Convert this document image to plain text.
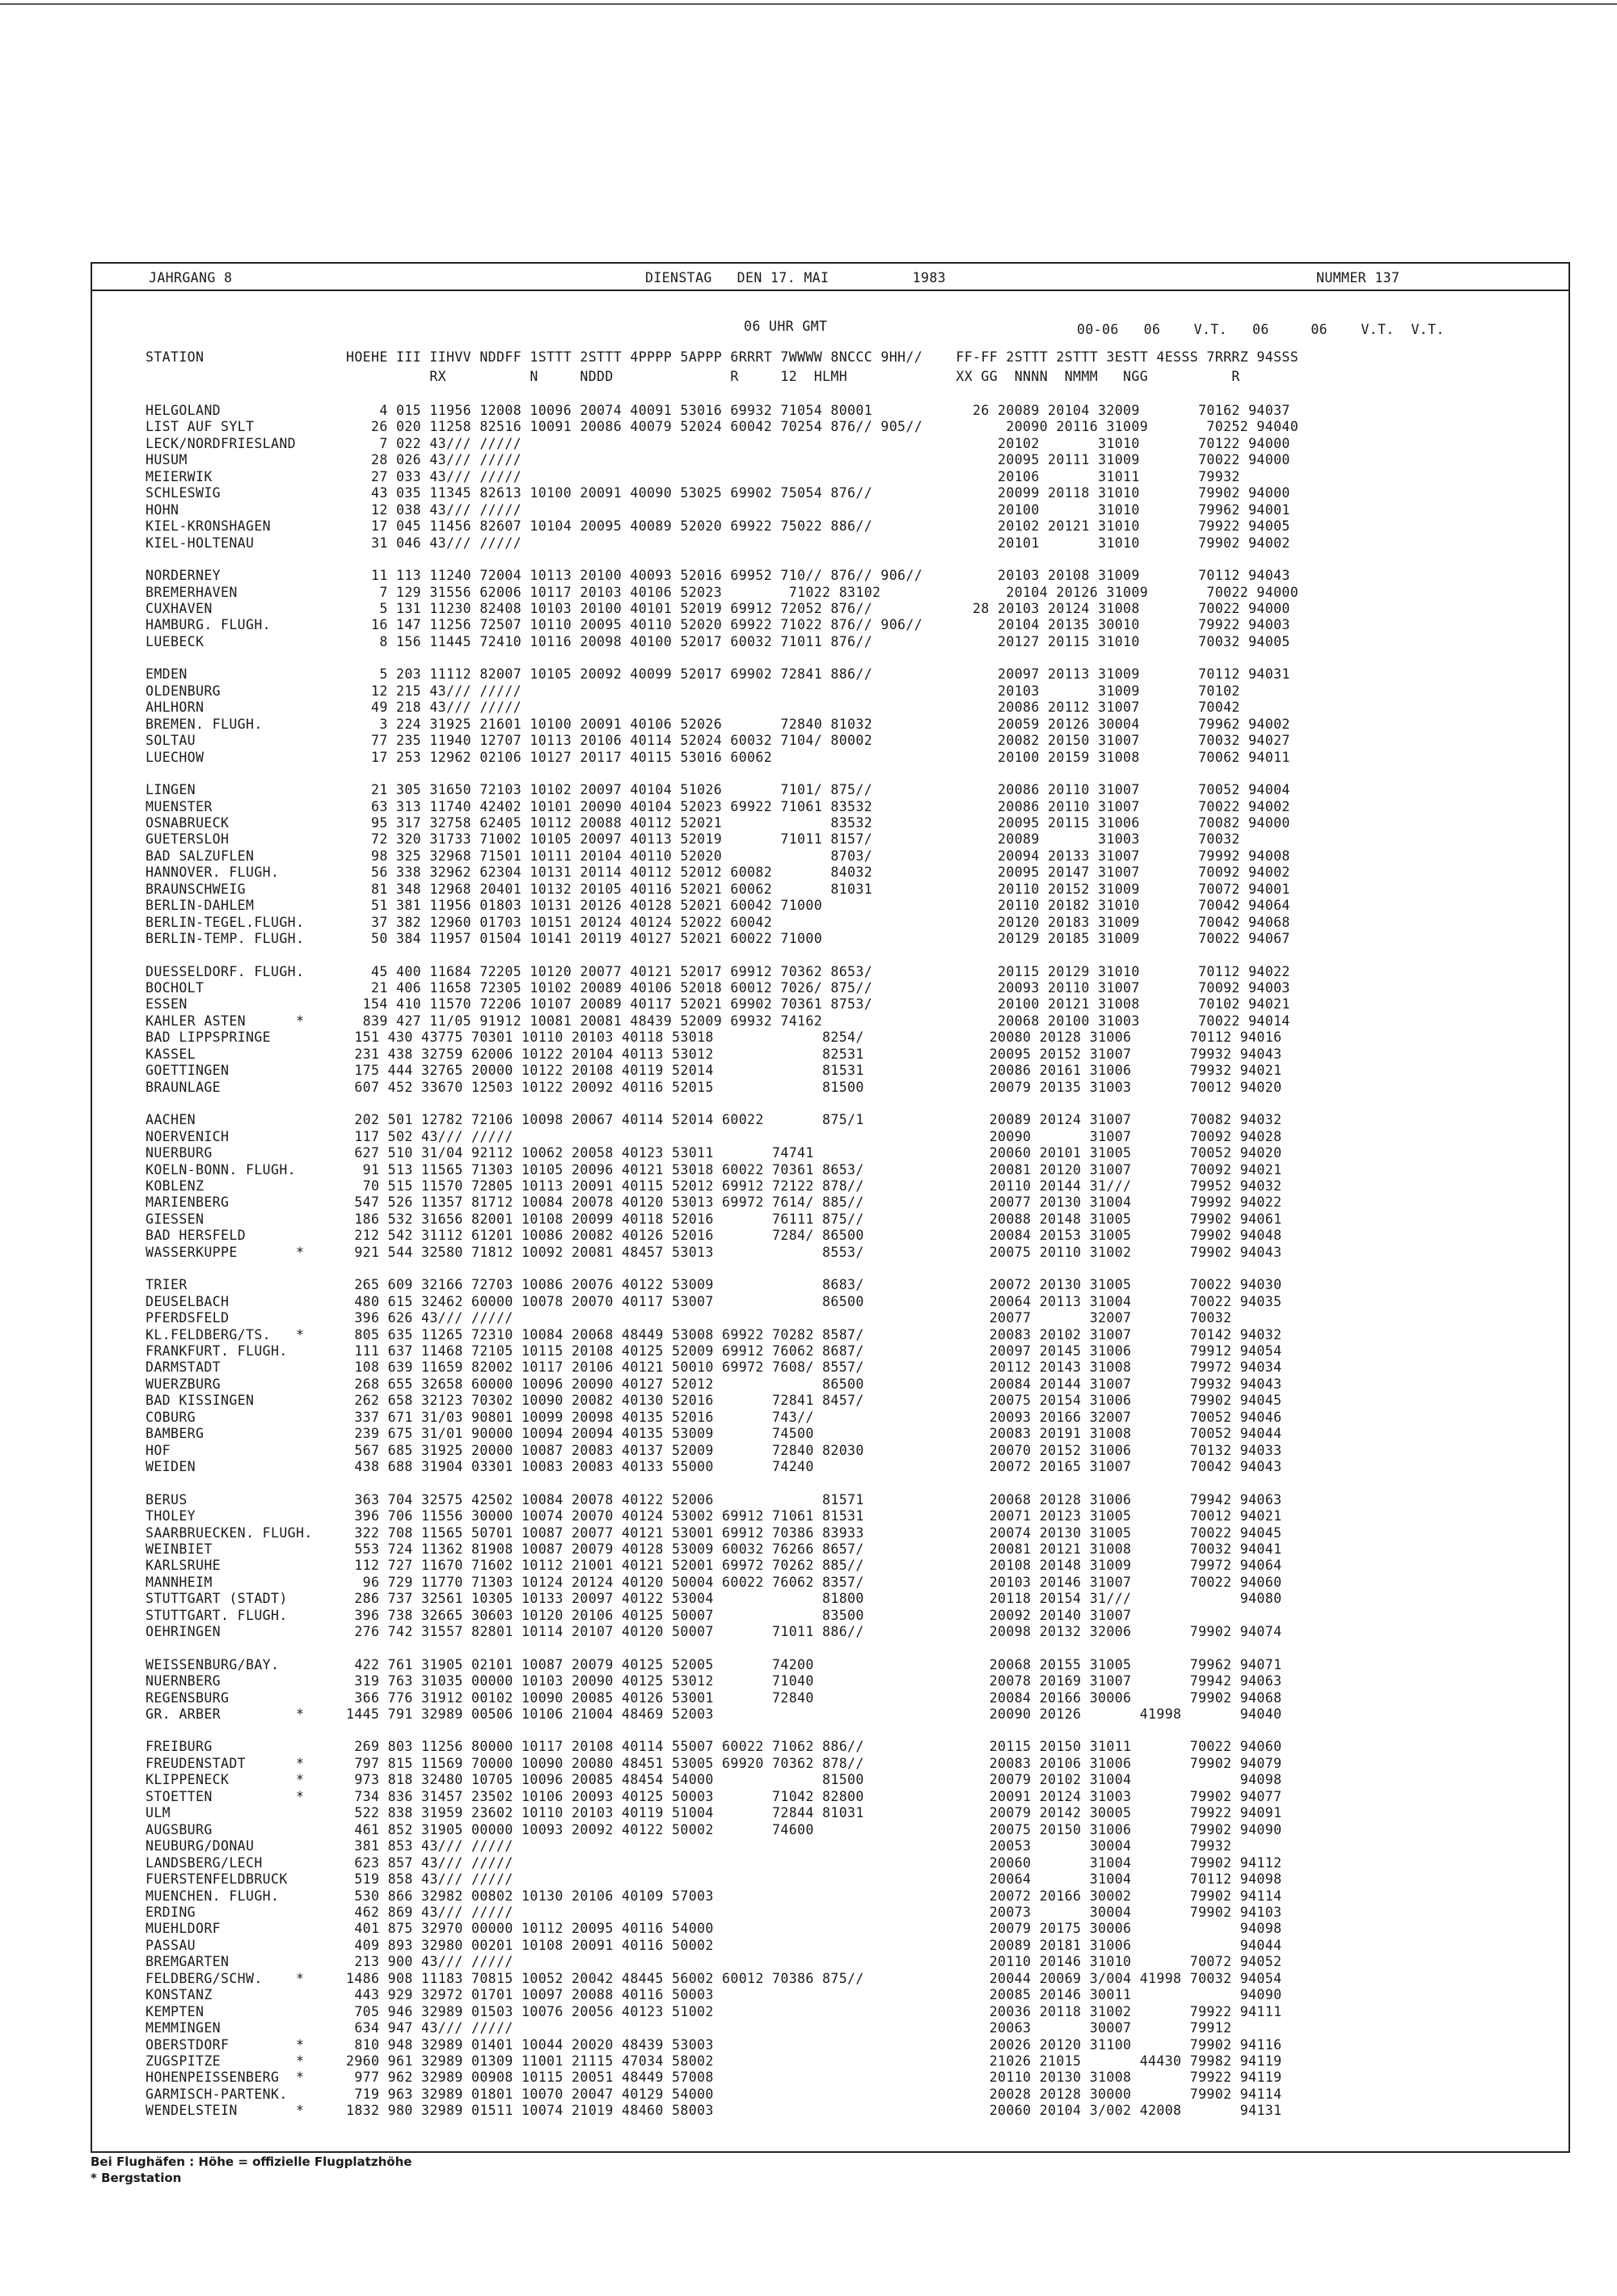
JAHRGANG 8	DIENSTAG   DEN 17. MAI          1983	NUMMER 137
06 UHR GMT	00-06   06    V.T.   06     06    V.T.  V.T.
STATION                 HOEHE III IIHVV NDDFF 1STTT 2STTT 4PPPP 5APPP 6RRRT 7WWWW 8NCCC 9HH//    FF-FF 2STTT 2STTT 3ESTT 4ESSS 7RRRZ 94SSS
RX          N     NDDD              R     12  HLMH             XX GG  NNNN  NMMM   NGG          R
HELGOLAND                   4 015 11956 12008 10096 20074 40091 53016 69932 71054 80001            26 20089 20104 32009       70162 94037
LIST AUF SYLT              26 020 11258 82516 10091 20086 40079 52024 60042 70254 876// 905//          20090 20116 31009       70252 94040
LECK/NORDFRIESLAND          7 022 43/// /////                                                         20102       31010       70122 94000
HUSUM                      28 026 43/// /////                                                         20095 20111 31009       70022 94000
MEIERWIK                   27 033 43/// /////                                                         20106       31011       79932
SCHLESWIG                  43 035 11345 82613 10100 20091 40090 53025 69902 75054 876//               20099 20118 31010       79902 94000
HOHN                       12 038 43/// /////                                                         20100       31010       79962 94001
KIEL-KRONSHAGEN            17 045 11456 82607 10104 20095 40089 52020 69922 75022 886//               20102 20121 31010       79922 94005
KIEL-HOLTENAU              31 046 43/// /////                                                         20101       31010       79902 94002
NORDERNEY                  11 113 11240 72004 10113 20100 40093 52016 69952 710// 876// 906//         20103 20108 31009       70112 94043
BREMERHAVEN                 7 129 31556 62006 10117 20103 40106 52023        71022 83102               20104 20126 31009       70022 94000
CUXHAVEN                    5 131 11230 82408 10103 20100 40101 52019 69912 72052 876//            28 20103 20124 31008       70022 94000
HAMBURG. FLUGH.            16 147 11256 72507 10110 20095 40110 52020 69922 71022 876// 906//         20104 20135 30010       79922 94003
LUEBECK                     8 156 11445 72410 10116 20098 40100 52017 60032 71011 876//               20127 20115 31010       70032 94005
EMDEN                       5 203 11112 82007 10105 20092 40099 52017 69902 72841 886//               20097 20113 31009       70112 94031
OLDENBURG                  12 215 43/// /////                                                         20103       31009       70102
AHLHORN                    49 218 43/// /////                                                         20086 20112 31007       70042
BREMEN. FLUGH.              3 224 31925 21601 10100 20091 40106 52026       72840 81032               20059 20126 30004       79962 94002
SOLTAU                     77 235 11940 12707 10113 20106 40114 52024 60032 7104/ 80002               20082 20150 31007       70032 94027
LUECHOW                    17 253 12962 02106 10127 20117 40115 53016 60062                           20100 20159 31008       70062 94011
LINGEN                     21 305 31650 72103 10102 20097 40104 51026       7101/ 875//               20086 20110 31007       70052 94004
MUENSTER                   63 313 11740 42402 10101 20090 40104 52023 69922 71061 83532               20086 20110 31007       70022 94002
OSNABRUECK                 95 317 32758 62405 10112 20088 40112 52021             83532               20095 20115 31006       70082 94000
GUETERSLOH                 72 320 31733 71002 10105 20097 40113 52019       71011 8157/               20089       31003       70032
BAD SALZUFLEN              98 325 32968 71501 10111 20104 40110 52020             8703/               20094 20133 31007       79992 94008
HANNOVER. FLUGH.           56 338 32962 62304 10131 20114 40112 52012 60082       84032               20095 20147 31007       70092 94002
BRAUNSCHWEIG               81 348 12968 20401 10132 20105 40116 52021 60062       81031               20110 20152 31009       70072 94001
BERLIN-DAHLEM              51 381 11956 01803 10131 20126 40128 52021 60042 71000                     20110 20182 31010       70042 94064
BERLIN-TEGEL.FLUGH.        37 382 12960 01703 10151 20124 40124 52022 60042                           20120 20183 31009       70042 94068
BERLIN-TEMP. FLUGH.        50 384 11957 01504 10141 20119 40127 52021 60022 71000                     20129 20185 31009       70022 94067
DUESSELDORF. FLUGH.        45 400 11684 72205 10120 20077 40121 52017 69912 70362 8653/               20115 20129 31010       70112 94022
BOCHOLT                    21 406 11658 72305 10102 20089 40106 52018 60012 7026/ 875//               20093 20110 31007       70092 94003
ESSEN                     154 410 11570 72206 10107 20089 40117 52021 69902 70361 8753/               20100 20121 31008       70102 94021
KAHLER ASTEN      *       839 427 11/05 91912 10081 20081 48439 52009 69932 74162                     20068 20100 31003       70022 94014
BAD LIPPSPRINGE          151 430 43775 70301 10110 20103 40118 53018             8254/               20080 20128 31006       70112 94016
KASSEL                   231 438 32759 62006 10122 20104 40113 53012             82531               20095 20152 31007       79932 94043
GOETTINGEN               175 444 32765 20000 10122 20108 40119 52014             81531               20086 20161 31006       79932 94021
BRAUNLAGE                607 452 33670 12503 10122 20092 40116 52015             81500               20079 20135 31003       70012 94020
AACHEN                   202 501 12782 72106 10098 20067 40114 52014 60022       875/1               20089 20124 31007       70082 94032
NOERVENICH               117 502 43/// /////                                                         20090       31007       70092 94028
NUERBURG                 627 510 31/04 92112 10062 20058 40123 53011       74741                     20060 20101 31005       70052 94020
KOELN-BONN. FLUGH.        91 513 11565 71303 10105 20096 40121 53018 60022 70361 8653/               20081 20120 31007       70092 94021
KOBLENZ                   70 515 11570 72805 10113 20091 40115 52012 69912 72122 878//               20110 20144 31///       79952 94032
MARIENBERG               547 526 11357 81712 10084 20078 40120 53013 69972 7614/ 885//               20077 20130 31004       79992 94022
GIESSEN                  186 532 31656 82001 10108 20099 40118 52016       76111 875//               20088 20148 31005       79902 94061
BAD HERSFELD             212 542 31112 61201 10086 20082 40126 52016       7284/ 86500               20084 20153 31005       79902 94048
WASSERKUPPE       *      921 544 32580 71812 10092 20081 48457 53013             8553/               20075 20110 31002       79902 94043
TRIER                    265 609 32166 72703 10086 20076 40122 53009             8683/               20072 20130 31005       70022 94030
DEUSELBACH               480 615 32462 60000 10078 20070 40117 53007             86500               20064 20113 31004       70022 94035
PFERDSFELD               396 626 43/// /////                                                         20077       32007       70032
KL.FELDBERG/TS.   *      805 635 11265 72310 10084 20068 48449 53008 69922 70282 8587/               20083 20102 31007       70142 94032
FRANKFURT. FLUGH.        111 637 11468 72105 10115 20108 40125 52009 69912 76062 8687/               20097 20145 31006       79912 94054
DARMSTADT                108 639 11659 82002 10117 20106 40121 50010 69972 7608/ 8557/               20112 20143 31008       79972 94034
WUERZBURG                268 655 32658 60000 10096 20090 40127 52012             86500               20084 20144 31007       79932 94043
BAD KISSINGEN            262 658 32123 70302 10090 20082 40130 52016       72841 8457/               20075 20154 31006       79902 94045
COBURG                   337 671 31/03 90801 10099 20098 40135 52016       743//                     20093 20166 32007       70052 94046
BAMBERG                  239 675 31/01 90000 10094 20094 40135 53009       74500                     20083 20191 31008       70052 94044
HOF                      567 685 31925 20000 10087 20083 40137 52009       72840 82030               20070 20152 31006       70132 94033
WEIDEN                   438 688 31904 03301 10083 20083 40133 55000       74240                     20072 20165 31007       70042 94043
BERUS                    363 704 32575 42502 10084 20078 40122 52006             81571               20068 20128 31006       79942 94063
THOLEY                   396 706 11556 30000 10074 20070 40124 53002 69912 71061 81531               20071 20123 31005       70012 94021
SAARBRUECKEN. FLUGH.     322 708 11565 50701 10087 20077 40121 53001 69912 70386 83933               20074 20130 31005       70022 94045
WEINBIET                 553 724 11362 81908 10087 20079 40128 53009 60032 76266 8657/               20081 20121 31008       70032 94041
KARLSRUHE                112 727 11670 71602 10112 21001 40121 52001 69972 70262 885//               20108 20148 31009       79972 94064
MANNHEIM                  96 729 11770 71303 10124 20124 40120 50004 60022 76062 8357/               20103 20146 31007       70022 94060
STUTTGART (STADT)        286 737 32561 10305 10133 20097 40122 53004             81800               20118 20154 31///             94080
STUTTGART. FLUGH.        396 738 32665 30603 10120 20106 40125 50007             83500               20092 20140 31007
OEHRINGEN                276 742 31557 82801 10114 20107 40120 50007       71011 886//               20098 20132 32006       79902 94074
WEISSENBURG/BAY.         422 761 31905 02101 10087 20079 40125 52005       74200                     20068 20155 31005       79962 94071
NUERNBERG                319 763 31035 00000 10103 20090 40125 53012       71040                     20078 20169 31007       79942 94063
REGENSBURG               366 776 31912 00102 10090 20085 40126 53001       72840                     20084 20166 30006       79902 94068
GR. ARBER         *     1445 791 32989 00506 10106 21004 48469 52003                                 20090 20126       41998       94040
FREIBURG                 269 803 11256 80000 10117 20108 40114 55007 60022 71062 886//               20115 20150 31011       70022 94060
FREUDENSTADT      *      797 815 11569 70000 10090 20080 48451 53005 69920 70362 878//               20083 20106 31006       79902 94079
KLIPPENECK        *      973 818 32480 10705 10096 20085 48454 54000             81500               20079 20102 31004             94098
STOETTEN          *      734 836 31457 23502 10106 20093 40125 50003       71042 82800               20091 20124 31003       79902 94077
ULM                      522 838 31959 23602 10110 20103 40119 51004       72844 81031               20079 20142 30005       79922 94091
AUGSBURG                 461 852 31905 00000 10093 20092 40122 50002       74600                     20075 20150 31006       79902 94090
NEUBURG/DONAU            381 853 43/// /////                                                         20053       30004       79932
LANDSBERG/LECH           623 857 43/// /////                                                         20060       31004       79902 94112
FUERSTENFELDBRUCK        519 858 43/// /////                                                         20064       31004       70112 94098
MUENCHEN. FLUGH.         530 866 32982 00802 10130 20106 40109 57003                                 20072 20166 30002       79902 94114
ERDING                   462 869 43/// /////                                                         20073       30004       79902 94103
MUEHLDORF                401 875 32970 00000 10112 20095 40116 54000                                 20079 20175 30006             94098
PASSAU                   409 893 32980 00201 10108 20091 40116 50002                                 20089 20181 31006             94044
BREMGARTEN               213 900 43/// /////                                                         20110 20146 31010       70072 94052
FELDBERG/SCHW.    *     1486 908 11183 70815 10052 20042 48445 56002 60012 70386 875//               20044 20069 3/004 41998 70032 94054
KONSTANZ                 443 929 32972 01701 10097 20088 40116 50003                                 20085 20146 30011             94090
KEMPTEN                  705 946 32989 01503 10076 20056 40123 51002                                 20036 20118 31002       79922 94111
MEMMINGEN                634 947 43/// /////                                                         20063       30007       79912
OBERSTDORF        *      810 948 32989 01401 10044 20020 48439 53003                                 20026 20120 31100       79902 94116
ZUGSPITZE         *     2960 961 32989 01309 11001 21115 47034 58002                                 21026 21015       44430 79982 94119
HOHENPEISSENBERG  *      977 962 32989 00908 10115 20051 48449 57008                                 20110 20130 31008       79922 94119
GARMISCH-PARTENK.        719 963 32989 01801 10070 20047 40129 54000                                 20028 20128 30000       79902 94114
WENDELSTEIN       *     1832 980 32989 01511 10074 21019 48460 58003                                 20060 20104 3/002 42008       94131
Bei Flughäfen : Höhe = offizielle Flugplatzhöhe
* Bergstation
